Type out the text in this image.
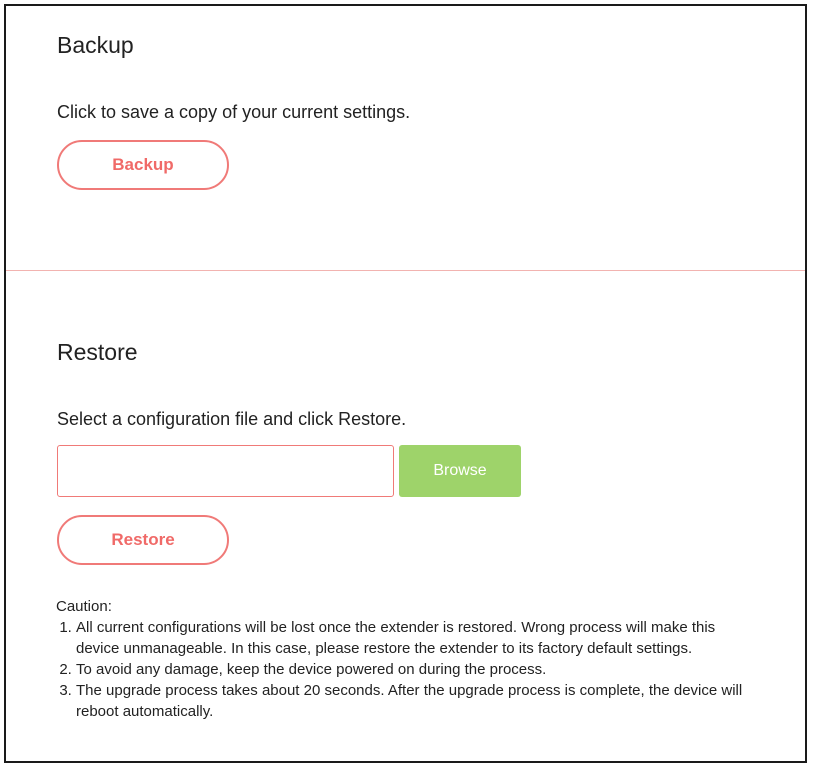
Backup

Click to save a copy of your current settings.

Backup
Restore

Select a configuration file and click Restore.

Browse
Restore

Caution:

1. All current configurations will be lost once the extender is restored. Wrong process will make this device unmanageable. In this case, please restore the extender to its factory default settings.
2. To avoid any damage, keep the device powered on during the process.
3. The upgrade process takes about 20 seconds. After the upgrade process is complete, the device will reboot automatically.
